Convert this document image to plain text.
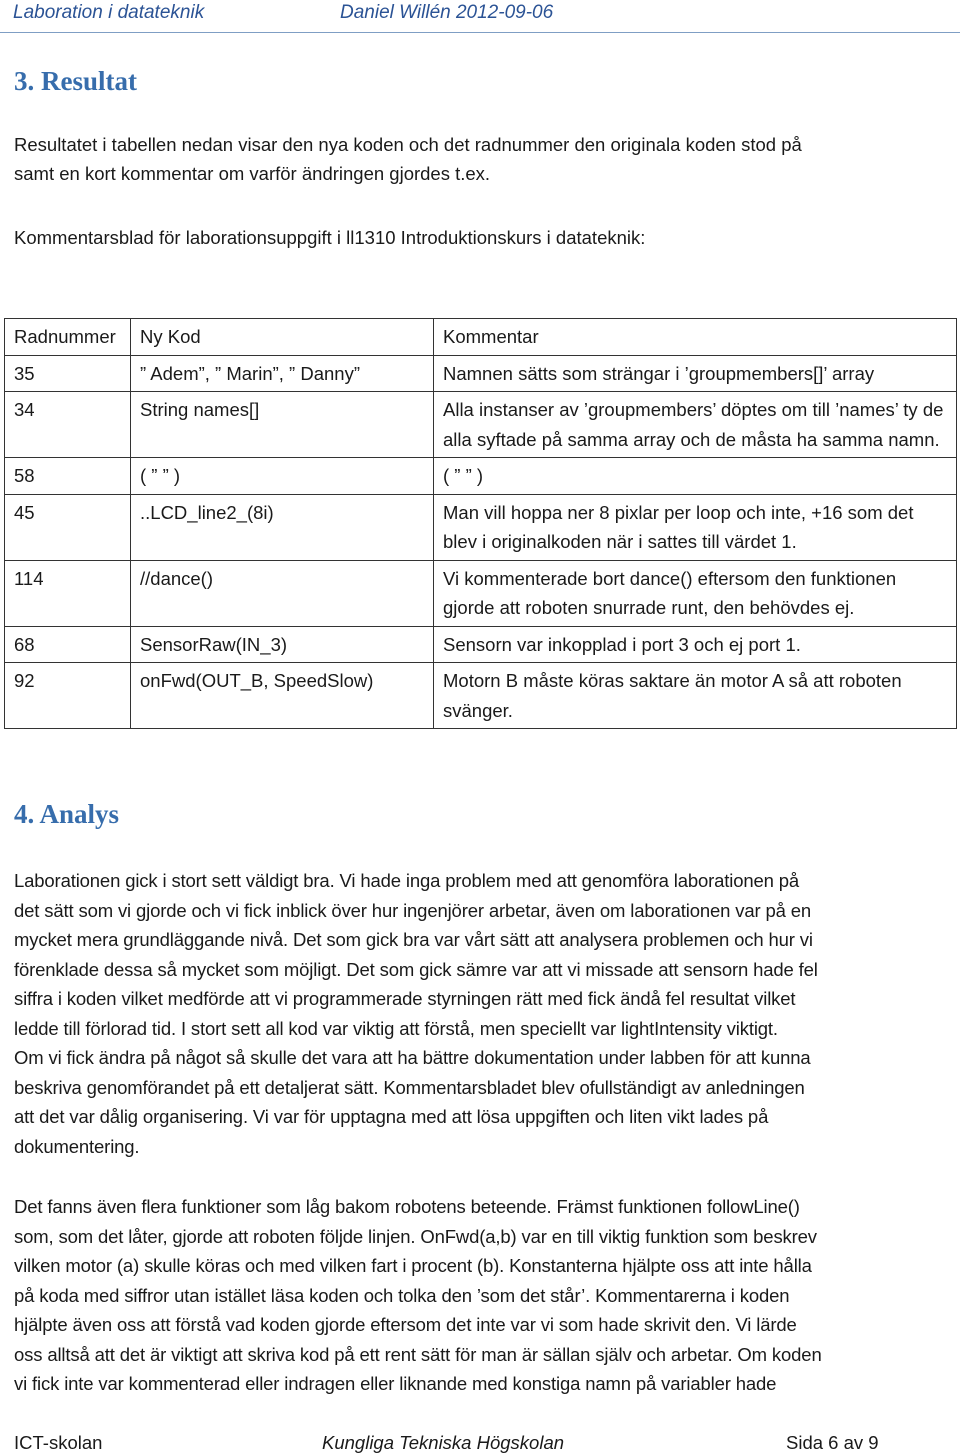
Laboration i datateknik	Daniel Willén 2012-09-06
3. Resultat
Resultatet i tabellen nedan visar den nya koden och det radnummer den originala koden stod på
samt en kort kommentar om varför ändringen gjordes t.ex.
Kommentarsblad för laborationsuppgift i ll1310 Introduktionskurs i datateknik:
Radnummer	Ny Kod	Kommentar
35	” Adem”, ” Marin”, ” Danny”	Namnen sätts som strängar i ’groupmembers[]’ array
34	String names[]	Alla instanser av ’groupmembers’ döptes om till ’names’ ty de alla syftade på samma array och de måsta ha samma namn.
58	( ” ” )	( ” ” )
45	..LCD_line2_(8i)	Man vill hoppa ner 8 pixlar per loop och inte, +16 som det blev i originalkoden när i sattes till värdet 1.
114	//dance()	Vi kommenterade bort dance() eftersom den funktionen gjorde att roboten snurrade runt, den behövdes ej.
68	SensorRaw(IN_3)	Sensorn var inkopplad i port 3 och ej port 1.
92	onFwd(OUT_B, SpeedSlow)	Motorn B måste köras saktare än motor A så att roboten svänger.
4. Analys
Laborationen gick i stort sett väldigt bra. Vi hade inga problem med att genomföra laborationen på
det sätt som vi gjorde och vi fick inblick över hur ingenjörer arbetar, även om laborationen var på en
mycket mera grundläggande nivå. Det som gick bra var vårt sätt att analysera problemen och hur vi
förenklade dessa så mycket som möjligt. Det som gick sämre var att vi missade att sensorn hade fel
siffra i koden vilket medförde att vi programmerade styrningen rätt med fick ändå fel resultat vilket
ledde till förlorad tid. I stort sett all kod var viktig att förstå, men speciellt var lightIntensity viktigt.
Om vi fick ändra på något så skulle det vara att ha bättre dokumentation under labben för att kunna
beskriva genomförandet på ett detaljerat sätt. Kommentarsbladet blev ofullständigt av anledningen
att det var dålig organisering. Vi var för upptagna med att lösa uppgiften och liten vikt lades på
dokumentering.
Det fanns även flera funktioner som låg bakom robotens beteende. Främst funktionen followLine()
som, som det låter, gjorde att roboten följde linjen. OnFwd(a,b) var en till viktig funktion som beskrev
vilken motor (a) skulle köras och med vilken fart i procent (b). Konstanterna hjälpte oss att inte hålla
på koda med siffror utan istället läsa koden och tolka den ’som det står’. Kommentarerna i koden
hjälpte även oss att förstå vad koden gjorde eftersom det inte var vi som hade skrivit den. Vi lärde
oss alltså att det är viktigt att skriva kod på ett rent sätt för man är sällan själv och arbetar. Om koden
vi fick inte var kommenterad eller indragen eller liknande med konstiga namn på variabler hade
ICT-skolan	Kungliga Tekniska Högskolan	Sida 6 av 9
